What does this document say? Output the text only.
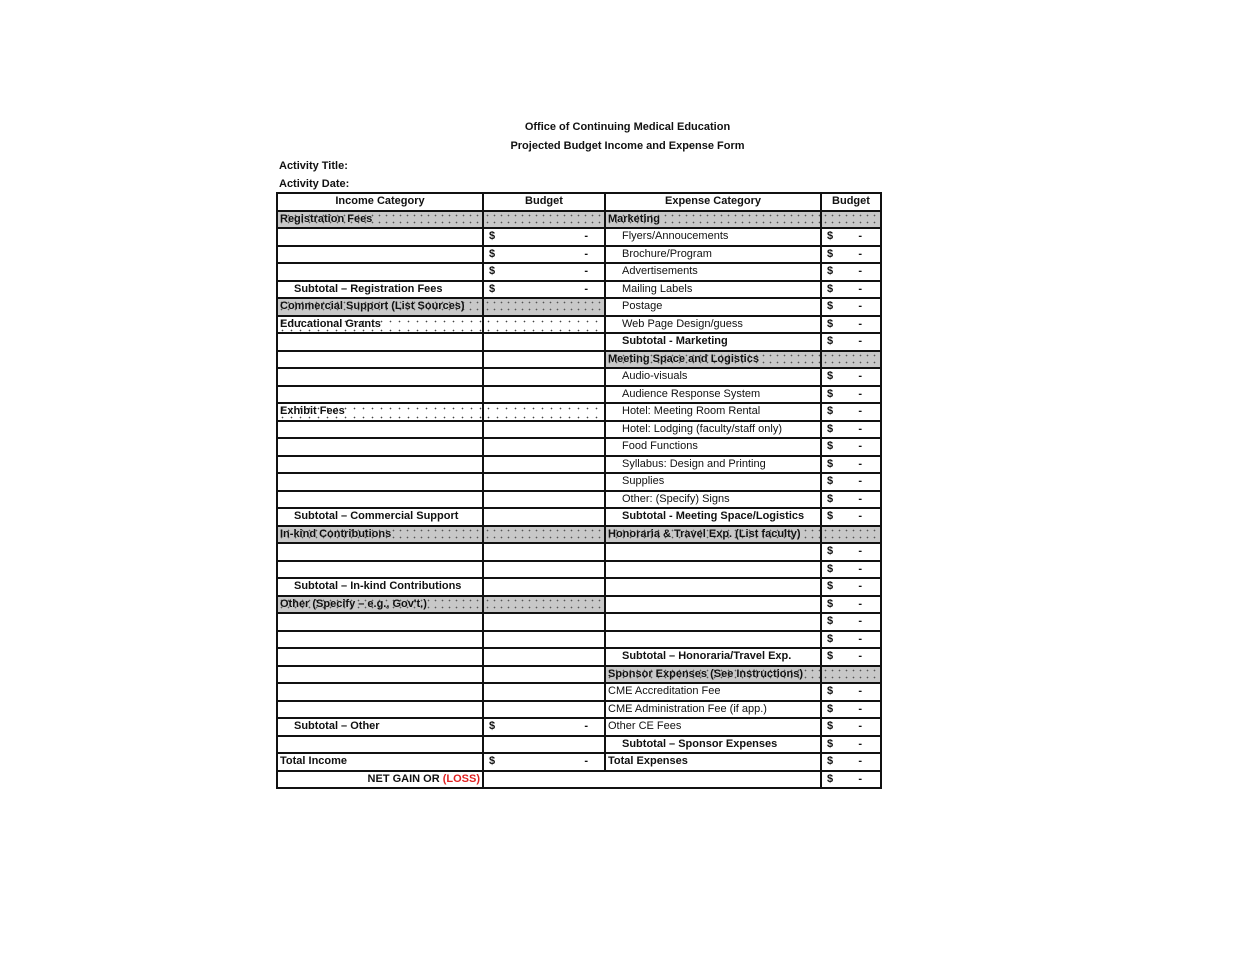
Office of Continuing Medical Education
Projected Budget Income and Expense Form
Activity Title:
Activity Date:
Income Category	Budget	Expense Category	Budget
Registration Fees		Marketing	

	$ -	Flyers/Annoucements	$ -

	$ -	Brochure/Program	$ -

	$ -	Advertisements	$ -

Subtotal – Registration Fees	$ -	Mailing Labels	$ -

Commercial Support (List Sources)		Postage	$ -

Educational Grants		Web Page Design/guess	$ -

		Subtotal - Marketing	$ -

		Meeting Space and Logistics	
		Audio-visuals	$ -

		Audience Response System	$ -

Exhibit Fees		Hotel: Meeting Room Rental	$ -

		Hotel: Lodging (faculty/staff only)	$ -

		Food Functions	$ -

		Syllabus: Design and Printing	$ -

		Supplies	$ -

		Other: (Specify) Signs	$ -

Subtotal – Commercial Support		Subtotal - Meeting Space/Logistics	$ -

In-kind Contributions		Honoraria & Travel Exp. (List faculty)	

			$ -

			$ -

Subtotal – In-kind Contributions			$ -

Other (Specify – e.g., Gov't.)			$ -

			$ -

			$ -

		Subtotal – Honoraria/Travel Exp.	$ -

		Sponsor Expenses (See Instructions)	
		CME Accreditation Fee	$ -

		CME Administration Fee (if app.)	$ -

Subtotal – Other	$ -	Other CE Fees	$ -

		Subtotal – Sponsor Expenses	$ -

Total Income	$ -	Total Expenses	$ -

NET GAIN OR (LOSS)			$ -
